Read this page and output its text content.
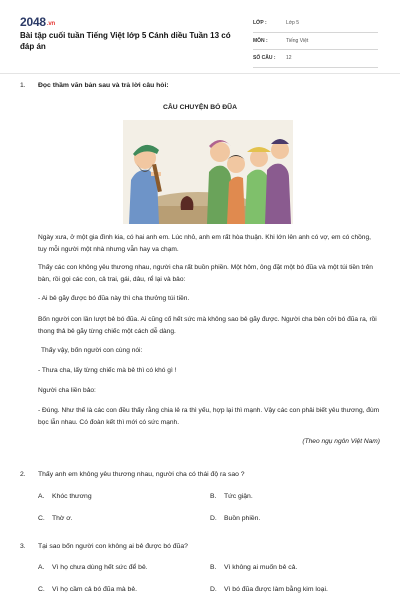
2048.vn
Bài tập cuối tuần Tiếng Việt lớp 5 Cánh diều Tuần 13 có đáp án
LỚP :	Lớp 5
MÔN :	Tiếng Việt
SỐ CÂU :	12
1.	Đọc thầm văn bản sau và trả lời câu hỏi:
CÂU CHUYỆN BÓ ĐŨA
Ngày xưa, ở một gia đình kia, có hai anh em. Lúc nhỏ, anh em rất hòa thuận. Khi lớn lên anh có vợ, em có chồng, tuy mỗi người một nhà nhưng vẫn hay va chạm.
Thấy các con không yêu thương nhau, người cha rất buồn phiền. Một hôm, ông đặt một bó đũa và một túi tiền trên bàn, rồi gọi các con, cả trai, gái, dâu, rể lại và bảo:
- Ai bẻ gãy được bó đũa này thì cha thưởng túi tiền.
Bốn người con lần lượt bẻ bó đũa. Ai cũng cố hết sức mà không sao bẻ gãy được. Người cha bèn cởi bó đũa ra, rồi thong thả bẻ gãy từng chiếc một cách dễ dàng.
Thấy vậy, bốn người con cùng nói:
- Thưa cha, lấy từng chiếc mà bẻ thì có khó gì !
Người cha liền bảo:
- Đúng. Như thế là các con đều thấy rằng chia lẻ ra thì yếu, hợp lại thì mạnh. Vậy các con phải biết yêu thương, đùm bọc lẫn nhau. Có đoàn kết thì mới có sức mạnh.
(Theo ngụ ngôn Việt Nam)
2.	Thấy anh em không yêu thương nhau, người cha có thái độ ra sao ?
A. Khóc thương	B. Tức giận.
C. Thờ ơ.	D. Buồn phiền.
3.	Tại sao bốn người con không ai bẻ được bó đũa?
A. Vì họ chưa dùng hết sức để bẻ.	B. Vì không ai muốn bẻ cả.
C. Vì họ cầm cả bó đũa mà bẻ.	D. Vì bó đũa được làm bằng kim loại.
